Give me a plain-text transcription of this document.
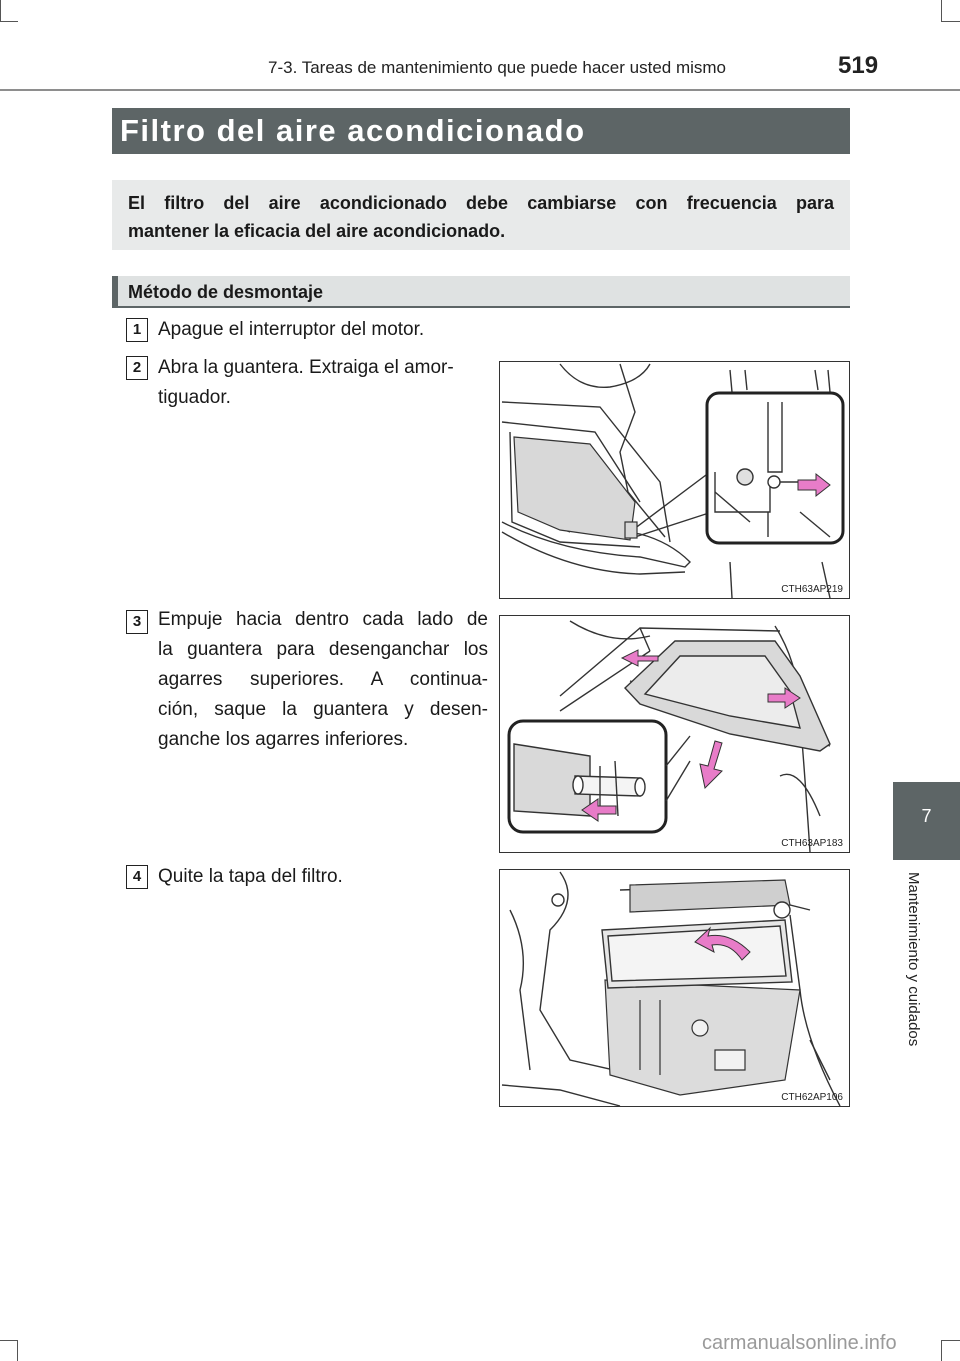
7-3. Tareas de mantenimiento que puede hacer usted mismo	519
Filtro del aire acondicionado
El filtro del aire acondicionado debe cambiarse con frecuencia para
mantener la eficacia del aire acondicionado.
Método de desmontaje
1 Apague el interruptor del motor.
2 Abra la guantera. Extraiga el amor-
tiguador.
CTH63AP219
3 Empuje hacia dentro cada lado de
la guantera para desenganchar los
agarres superiores. A continua-
ción, saque la guantera y desen-
ganche los agarres inferiores.
CTH63AP183
4 Quite la tapa del filtro.
CTH62AP106
7
Mantenimiento y cuidados
carmanualsonline.info
